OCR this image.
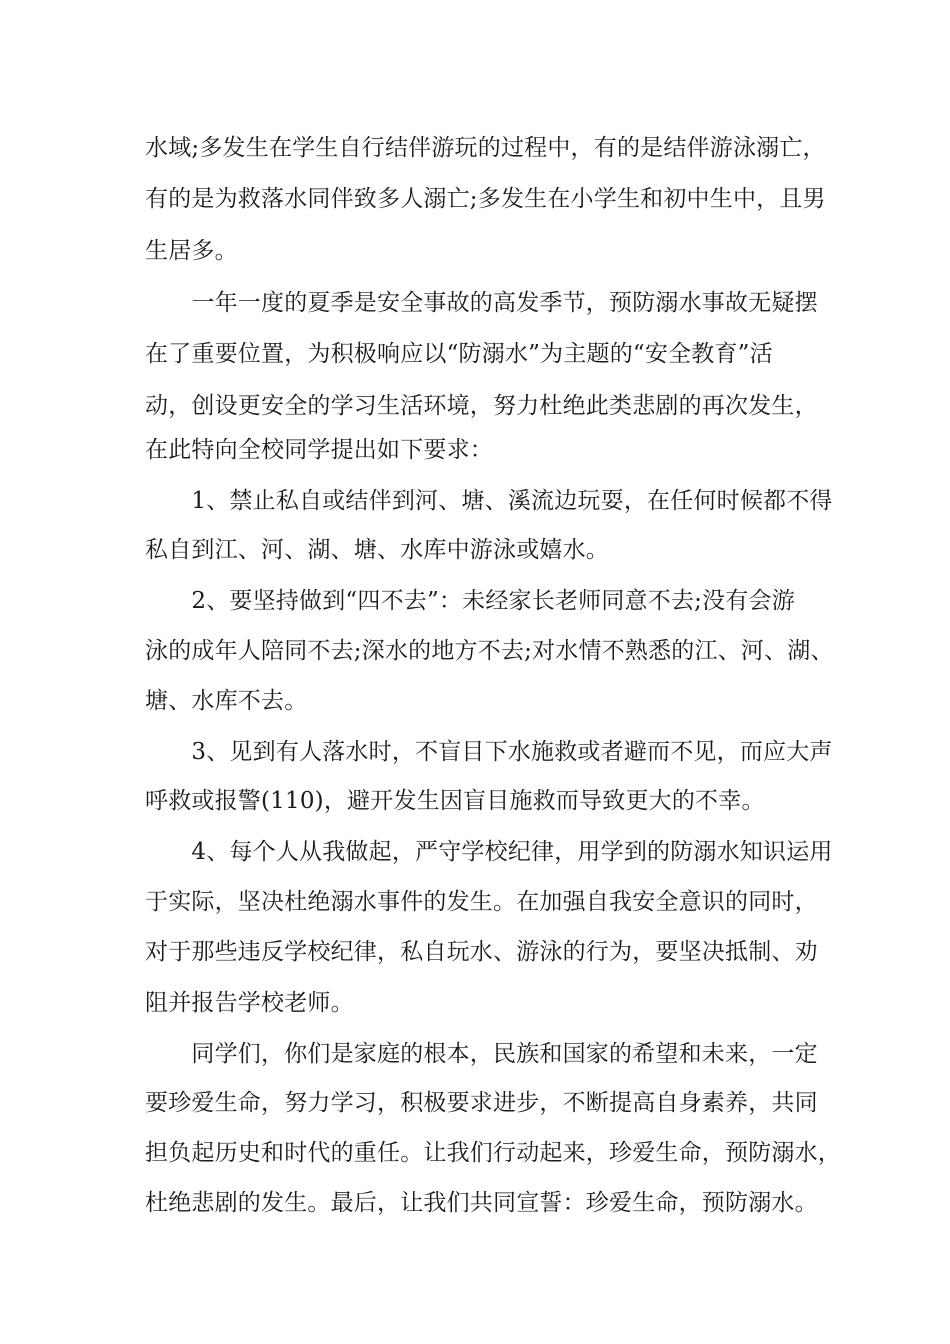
水域;多发生在学生自行结伴游玩的过程中，有的是结伴游泳溺亡，
有的是为救落水同伴致多人溺亡;多发生在小学生和初中生中，且男
生居多。
　　一年一度的夏季是安全事故的高发季节，预防溺水事故无疑摆
在了重要位置，为积极响应以“防溺水”为主题的“安全教育”活
动，创设更安全的学习生活环境，努力杜绝此类悲剧的再次发生，
在此特向全校同学提出如下要求：
　　1、禁止私自或结伴到河、塘、溪流边玩耍，在任何时候都不得
私自到江、河、湖、塘、水库中游泳或嬉水。
　　2、要坚持做到“四不去”：未经家长老师同意不去;没有会游
泳的成年人陪同不去;深水的地方不去;对水情不熟悉的江、河、湖、
塘、水库不去。
　　3、见到有人落水时，不盲目下水施救或者避而不见，而应大声
呼救或报警(110)，避开发生因盲目施救而导致更大的不幸。
　　4、每个人从我做起，严守学校纪律，用学到的防溺水知识运用
于实际，坚决杜绝溺水事件的发生。在加强自我安全意识的同时，
对于那些违反学校纪律，私自玩水、游泳的行为，要坚决抵制、劝
阻并报告学校老师。
　　同学们，你们是家庭的根本，民族和国家的希望和未来，一定
要珍爱生命，努力学习，积极要求进步，不断提高自身素养，共同
担负起历史和时代的重任。让我们行动起来，珍爱生命，预防溺水，
杜绝悲剧的发生。最后，让我们共同宣誓：珍爱生命，预防溺水。
